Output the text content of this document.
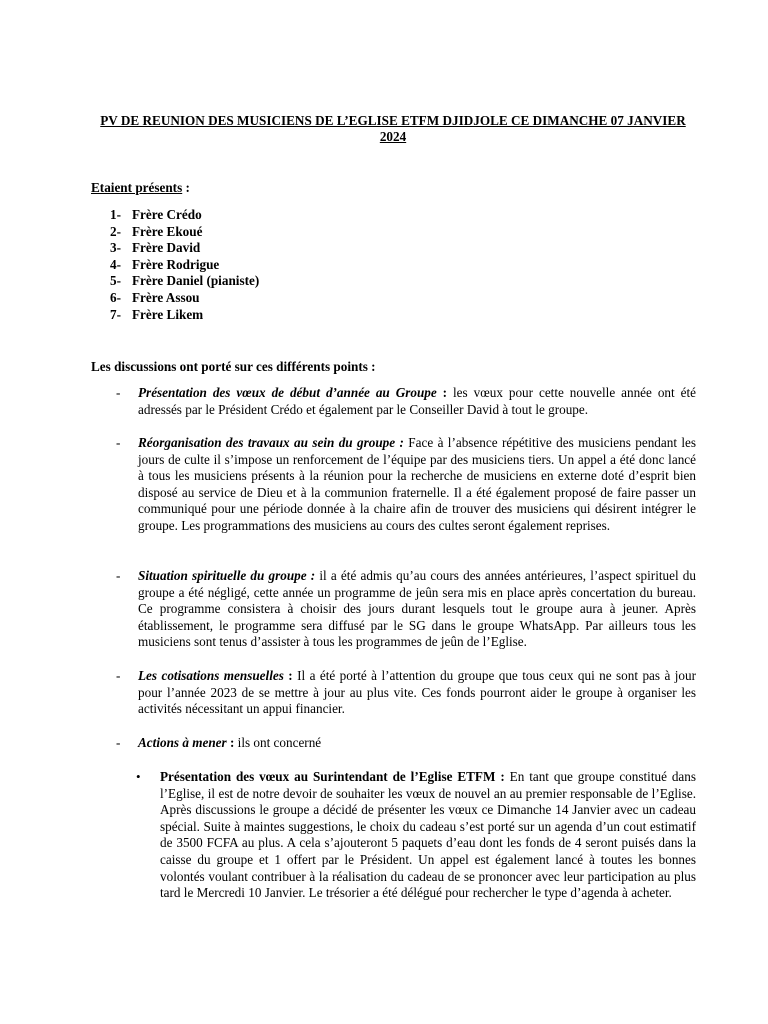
PV DE REUNION DES MUSICIENS DE L’EGLISE ETFM DJIDJOLE CE DIMANCHE 07 JANVIER 2024
Etaient présents :
1- Frère Crédo
2- Frère Ekoué
3- Frère David
4- Frère Rodrigue
5- Frère Daniel (pianiste)
6- Frère Assou
7- Frère Likem
Les discussions ont porté sur ces différents points :
-	Présentation des vœux de début d’année au Groupe : les vœux pour cette nouvelle année ont été adressés par le Président Crédo et également par le Conseiller David à tout le groupe.
-	Réorganisation des travaux au sein du groupe : Face à l’absence répétitive des musiciens pendant les jours de culte il s’impose un renforcement de l’équipe par des musiciens tiers. Un appel a été donc lancé à tous les musiciens présents à la réunion pour la recherche de musiciens en externe doté d’esprit bien disposé au service de Dieu et à la communion fraternelle. Il a été également proposé de faire passer un communiqué pour une période donnée à la chaire afin de trouver des musiciens qui désirent intégrer le groupe. Les programmations des musiciens au cours des cultes seront également reprises.
-	Situation spirituelle du groupe : il a été admis qu’au cours des années antérieures, l’aspect spirituel du groupe a été négligé, cette année un programme de jeûn sera mis en place après concertation du bureau. Ce programme consistera à choisir des jours durant lesquels tout le groupe aura à jeuner. Après établissement, le programme sera diffusé par le SG dans le groupe WhatsApp. Par ailleurs tous les musiciens sont tenus d’assister à tous les programmes de jeûn de l’Eglise.
-	Les cotisations mensuelles : Il a été porté à l’attention du groupe que tous ceux qui ne sont pas à jour pour l’année 2023 de se mettre à jour au plus vite. Ces fonds pourront aider le groupe à organiser les activités nécessitant un appui financier.
-	Actions à mener : ils ont concerné
•	Présentation des vœux au Surintendant de l’Eglise ETFM : En tant que groupe constitué dans l’Eglise, il est de notre devoir de souhaiter les vœux de nouvel an au premier responsable de l’Eglise. Après discussions le groupe a décidé de présenter les vœux ce Dimanche 14 Janvier avec un cadeau spécial. Suite à maintes suggestions, le choix du cadeau s’est porté sur un agenda d’un cout estimatif de 3500 FCFA au plus. A cela s’ajouteront 5 paquets d’eau dont les fonds de 4 seront puisés dans la caisse du groupe et 1 offert par le Président. Un appel est également lancé à toutes les bonnes volontés voulant contribuer à la réalisation du cadeau de se prononcer avec leur participation au plus tard le Mercredi 10 Janvier. Le trésorier a été délégué pour rechercher le type d’agenda à acheter.
